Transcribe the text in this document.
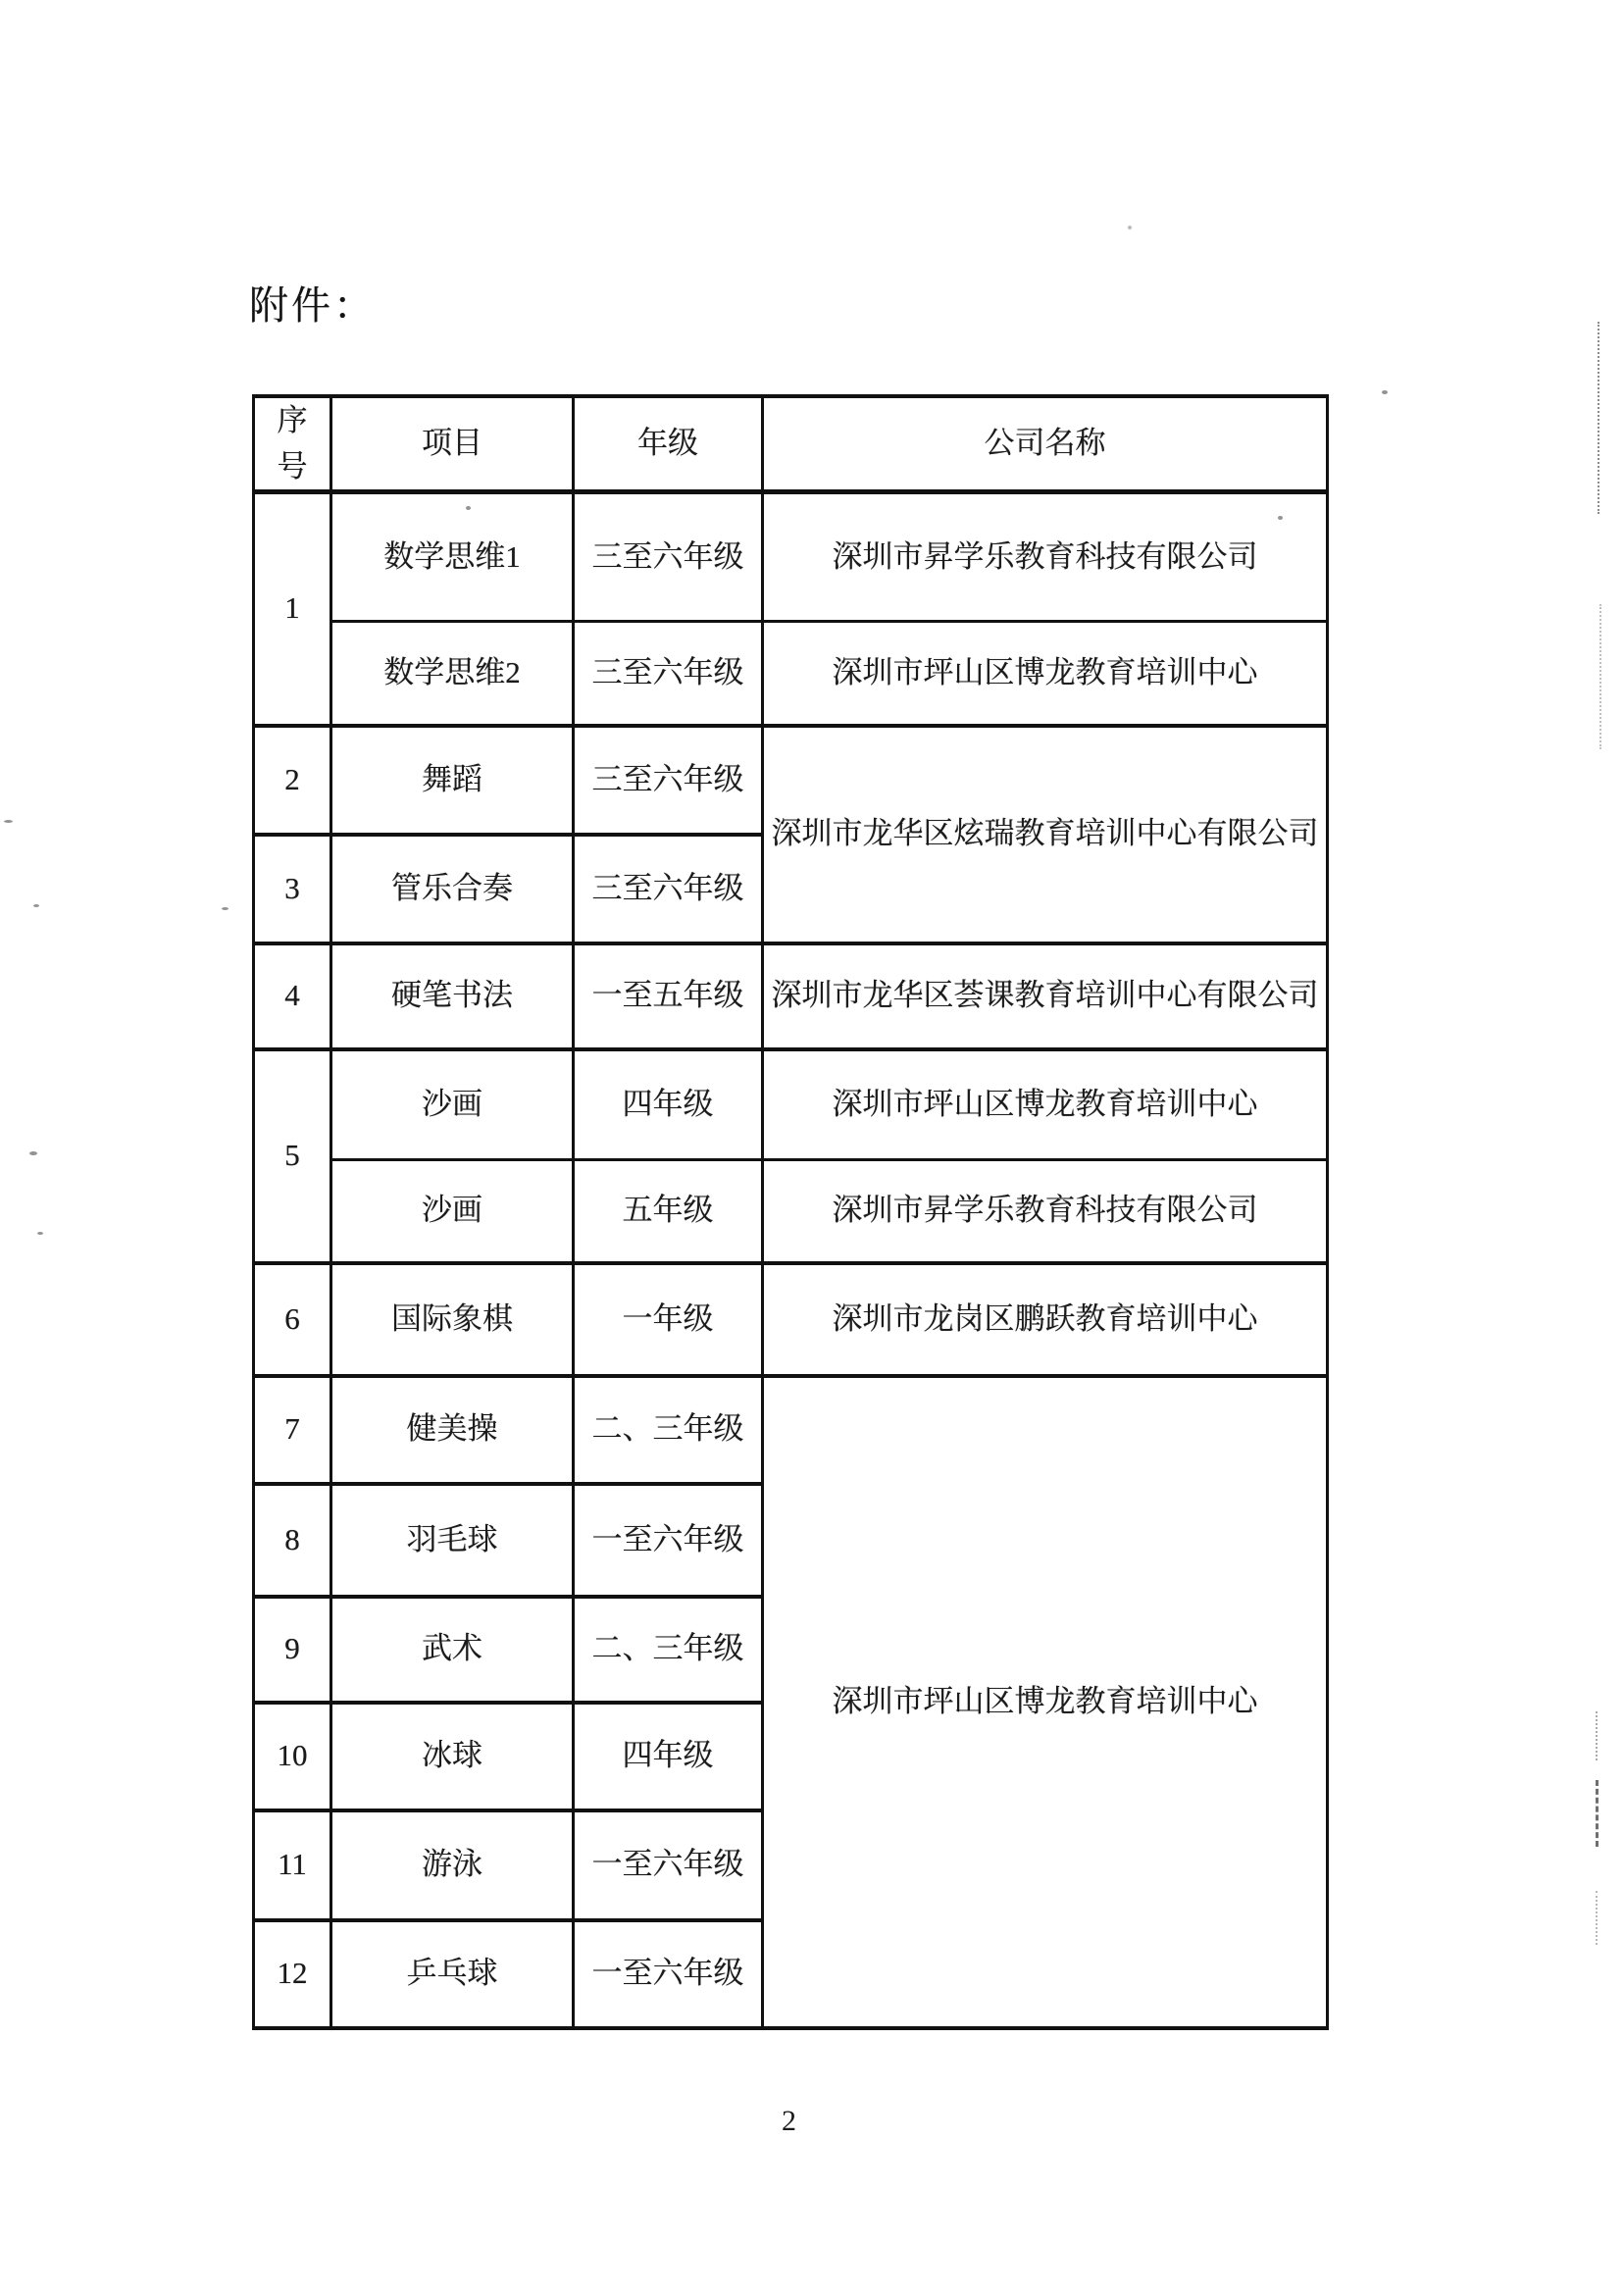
附件：
序号	项目	年级	公司名称
1	数学思维1	三至六年级	深圳市昇学乐教育科技有限公司
	数学思维2	三至六年级	深圳市坪山区博龙教育培训中心
2	舞蹈	三至六年级	深圳市龙华区炫瑞教育培训中心有限公司
3	管乐合奏	三至六年级	
4	硬笔书法	一至五年级	深圳市龙华区荟课教育培训中心有限公司
5	沙画	四年级	深圳市坪山区博龙教育培训中心
	沙画	五年级	深圳市昇学乐教育科技有限公司
6	国际象棋	一年级	深圳市龙岗区鹏跃教育培训中心
7	健美操	二、三年级	深圳市坪山区博龙教育培训中心
8	羽毛球	一至六年级	
9	武术	二、三年级	
10	冰球	四年级	
11	游泳	一至六年级	
12	乒乓球	一至六年级	
2
